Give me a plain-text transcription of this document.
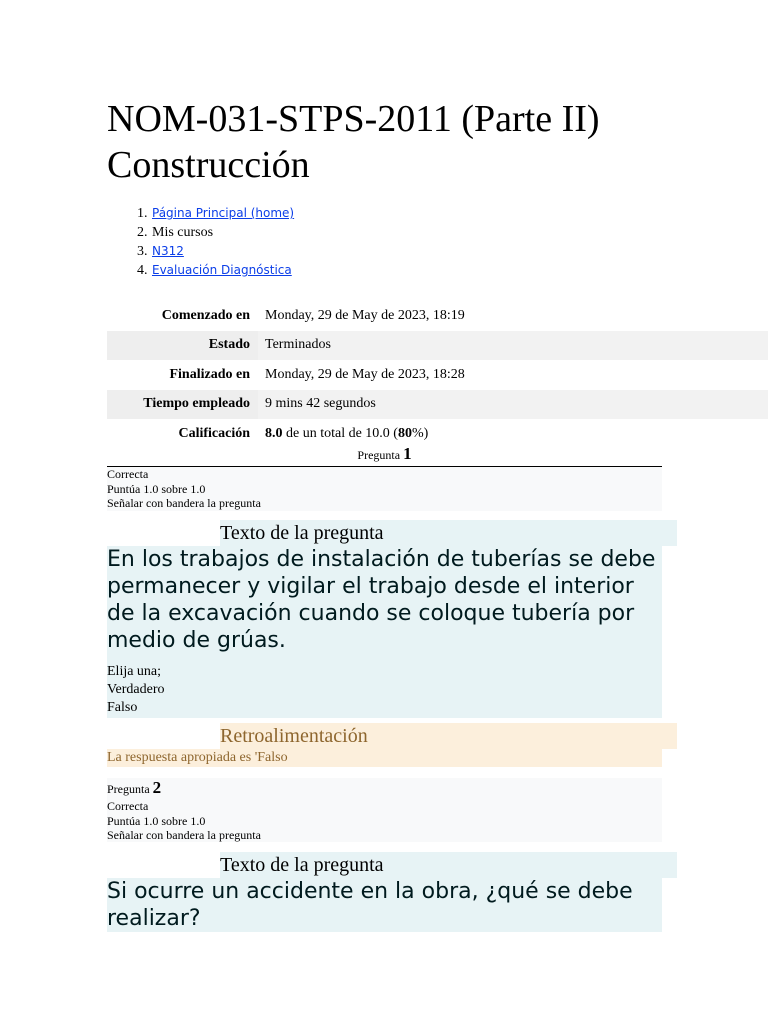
NOM-031-STPS-2011 (Parte II) Construcción
1. Página Principal (home)
2. Mis cursos
3. N312
4. Evaluación Diagnóstica
Comenzado en	Monday, 29 de May de 2023, 18:19
Estado	Terminados
Finalizado en	Monday, 29 de May de 2023, 18:28
Tiempo empleado	9 mins 42 segundos
Calificación	8.0 de un total de 10.0 (80%)
Pregunta 1
Correcta
Puntúa 1.0 sobre 1.0
Señalar con bandera la pregunta
Texto de la pregunta
En los trabajos de instalación de tuberías se debe permanecer y vigilar el trabajo desde el interior de la excavación cuando se coloque tubería por medio de grúas.
Elija una;
Verdadero
Falso
Retroalimentación
La respuesta apropiada es 'Falso
Pregunta 2
Correcta
Puntúa 1.0 sobre 1.0
Señalar con bandera la pregunta
Texto de la pregunta
Si ocurre un accidente en la obra, ¿qué se debe realizar?
